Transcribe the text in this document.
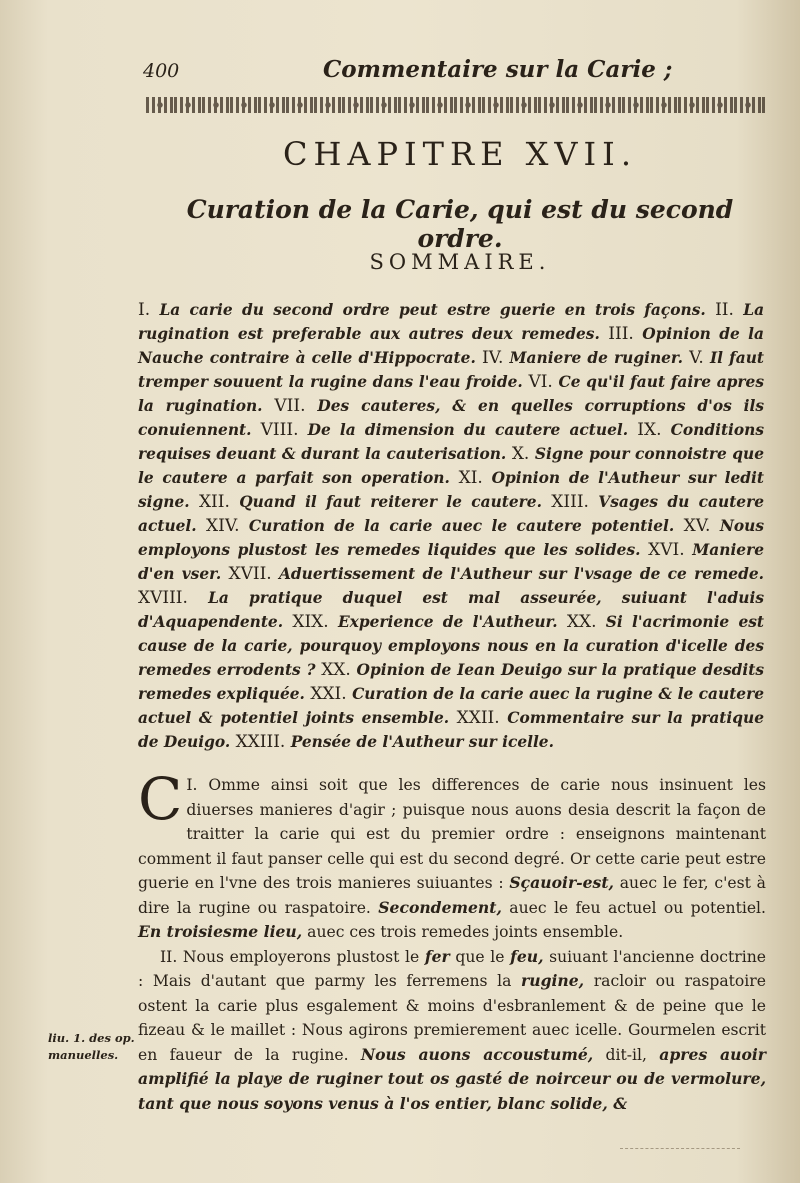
400	Commentaire sur la Carie ;
CHAPITRE XVII.
Curation de la Carie, qui est du second ordre.
SOMMAIRE.
I. La carie du second ordre peut estre guerie en trois façons. II. La rugination est preferable aux autres deux remedes. III. Opinion de la Nauche contraire à celle d'Hippocrate. IV. Maniere de ruginer. V. Il faut tremper souuent la rugine dans l'eau froide. VI. Ce qu'il faut faire apres la rugination. VII. Des cauteres, & en quelles corruptions d'os ils conuiennent. VIII. De la dimension du cautere actuel. IX. Conditions requises deuant & durant la cauterisation. X. Signe pour connoistre que le cautere a parfait son operation. XI. Opinion de l'Autheur sur ledit signe. XII. Quand il faut reiterer le cautere. XIII. Vsages du cautere actuel. XIV. Curation de la carie auec le cautere potentiel. XV. Nous employons plustost les remedes liquides que les solides. XVI. Maniere d'en vser. XVII. Aduertissement de l'Autheur sur l'vsage de ce remede. XVIII. La pratique duquel est mal asseurée, suiuant l'aduis d'Aquapendente. XIX. Experience de l'Autheur. XX. Si l'acrimonie est cause de la carie, pourquoy employons nous en la curation d'icelle des remedes errodents ? XX. Opinion de Iean Deuigo sur la pratique desdits remedes expliquée. XXI. Curation de la carie auec la rugine & le cautere actuel & potentiel joints ensemble. XXII. Commentaire sur la pratique de Deuigo. XXIII. Pensée de l'Autheur sur icelle.

I.
C Omme ainsi soit que les differences de carie nous insinuent les diuerses manieres d'agir ; puisque nous auons desia descrit la façon de traitter la carie qui est du premier ordre : enseignons maintenant comment il faut panser celle qui est du second degré. Or cette carie peut estre guerie en l'vne des trois manieres suiuantes : Sçauoir-est, auec le fer, c'est à dire la rugine ou raspatoire. Secondement, auec le feu actuel ou potentiel. En troisiesme lieu, auec ces trois remedes joints ensemble.

II. Nous employerons plustost le fer que le feu, suiuant l'ancienne doctrine : Mais d'autant que parmy les ferremens la rugine, racloir ou raspatoire ostent la carie plus esgalement & moins d'esbranlement & de peine que le fizeau & le maillet : Nous agirons premierement auec icelle. Gourmelen escrit en faueur de la rugine. Nous auons accoustumé, dit-il, apres auoir amplifié la playe de ruginer tout os gasté de noirceur ou de vermolure, tant que nous soyons venus à l'os entier, blanc solide, &

liu. 1. des op. manuelles.
